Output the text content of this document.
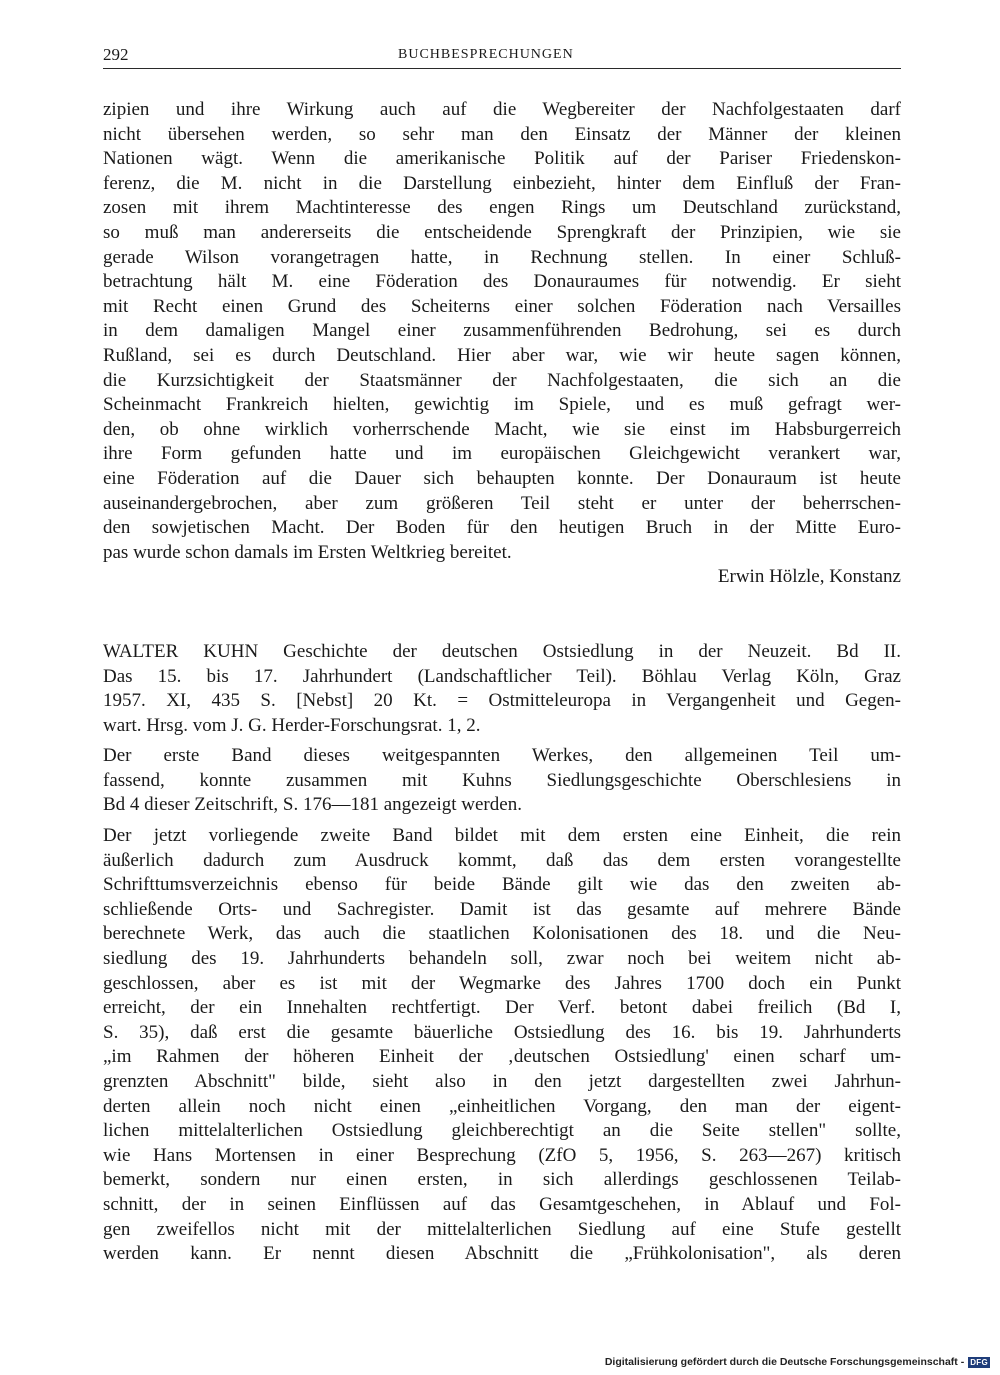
292	BUCHBESPRECHUNGEN
zipien und ihre Wirkung auch auf die Wegbereiter der Nachfolgestaaten darf
nicht übersehen werden, so sehr man den Einsatz der Männer der kleinen
Nationen wägt. Wenn die amerikanische Politik auf der Pariser Friedenskon-
ferenz, die M. nicht in die Darstellung einbezieht, hinter dem Einfluß der Fran-
zosen mit ihrem Machtinteresse des engen Rings um Deutschland zurückstand,
so muß man andererseits die entscheidende Sprengkraft der Prinzipien, wie sie
gerade Wilson vorangetragen hatte, in Rechnung stellen. In einer Schluß-
betrachtung hält M. eine Föderation des Donauraumes für notwendig. Er sieht
mit Recht einen Grund des Scheiterns einer solchen Föderation nach Versailles
in dem damaligen Mangel einer zusammenführenden Bedrohung, sei es durch
Rußland, sei es durch Deutschland. Hier aber war, wie wir heute sagen können,
die Kurzsichtigkeit der Staatsmänner der Nachfolgestaaten, die sich an die
Scheinmacht Frankreich hielten, gewichtig im Spiele, und es muß gefragt wer-
den, ob ohne wirklich vorherrschende Macht, wie sie einst im Habsburgerreich
ihre Form gefunden hatte und im europäischen Gleichgewicht verankert war,
eine Föderation auf die Dauer sich behaupten konnte. Der Donauraum ist heute
auseinandergebrochen, aber zum größeren Teil steht er unter der beherrschen-
den sowjetischen Macht. Der Boden für den heutigen Bruch in der Mitte Euro-
pas wurde schon damals im Ersten Weltkrieg bereitet.
Erwin Hölzle, Konstanz
WALTER KUHN Geschichte der deutschen Ostsiedlung in der Neuzeit. Bd II.
Das 15. bis 17. Jahrhundert (Landschaftlicher Teil). Böhlau Verlag Köln, Graz
1957. XI, 435 S. [Nebst] 20 Kt. = Ostmitteleuropa in Vergangenheit und Gegen-
wart. Hrsg. vom J. G. Herder-Forschungsrat. 1, 2.
Der erste Band dieses weitgespannten Werkes, den allgemeinen Teil um-
fassend, konnte zusammen mit Kuhns Siedlungsgeschichte Oberschlesiens in
Bd 4 dieser Zeitschrift, S. 176—181 angezeigt werden.
Der jetzt vorliegende zweite Band bildet mit dem ersten eine Einheit, die rein
äußerlich dadurch zum Ausdruck kommt, daß das dem ersten vorangestellte
Schrifttumsverzeichnis ebenso für beide Bände gilt wie das den zweiten ab-
schließende Orts- und Sachregister. Damit ist das gesamte auf mehrere Bände
berechnete Werk, das auch die staatlichen Kolonisationen des 18. und die Neu-
siedlung des 19. Jahrhunderts behandeln soll, zwar noch bei weitem nicht ab-
geschlossen, aber es ist mit der Wegmarke des Jahres 1700 doch ein Punkt
erreicht, der ein Innehalten rechtfertigt. Der Verf. betont dabei freilich (Bd I,
S. 35), daß erst die gesamte bäuerliche Ostsiedlung des 16. bis 19. Jahrhunderts
„im Rahmen der höheren Einheit der ‚deutschen Ostsiedlung' einen scharf um-
grenzten Abschnitt" bilde, sieht also in den jetzt dargestellten zwei Jahrhun-
derten allein noch nicht einen „einheitlichen Vorgang, den man der eigent-
lichen mittelalterlichen Ostsiedlung gleichberechtigt an die Seite stellen" sollte,
wie Hans Mortensen in einer Besprechung (ZfO 5, 1956, S. 263—267) kritisch
bemerkt, sondern nur einen ersten, in sich allerdings geschlossenen Teilab-
schnitt, der in seinen Einflüssen auf das Gesamtgeschehen, in Ablauf und Fol-
gen zweifellos nicht mit der mittelalterlichen Siedlung auf eine Stufe gestellt
werden kann. Er nennt diesen Abschnitt die „Frühkolonisation", als deren
Digitalisierung gefördert durch die Deutsche Forschungsgemeinschaft - DFG
